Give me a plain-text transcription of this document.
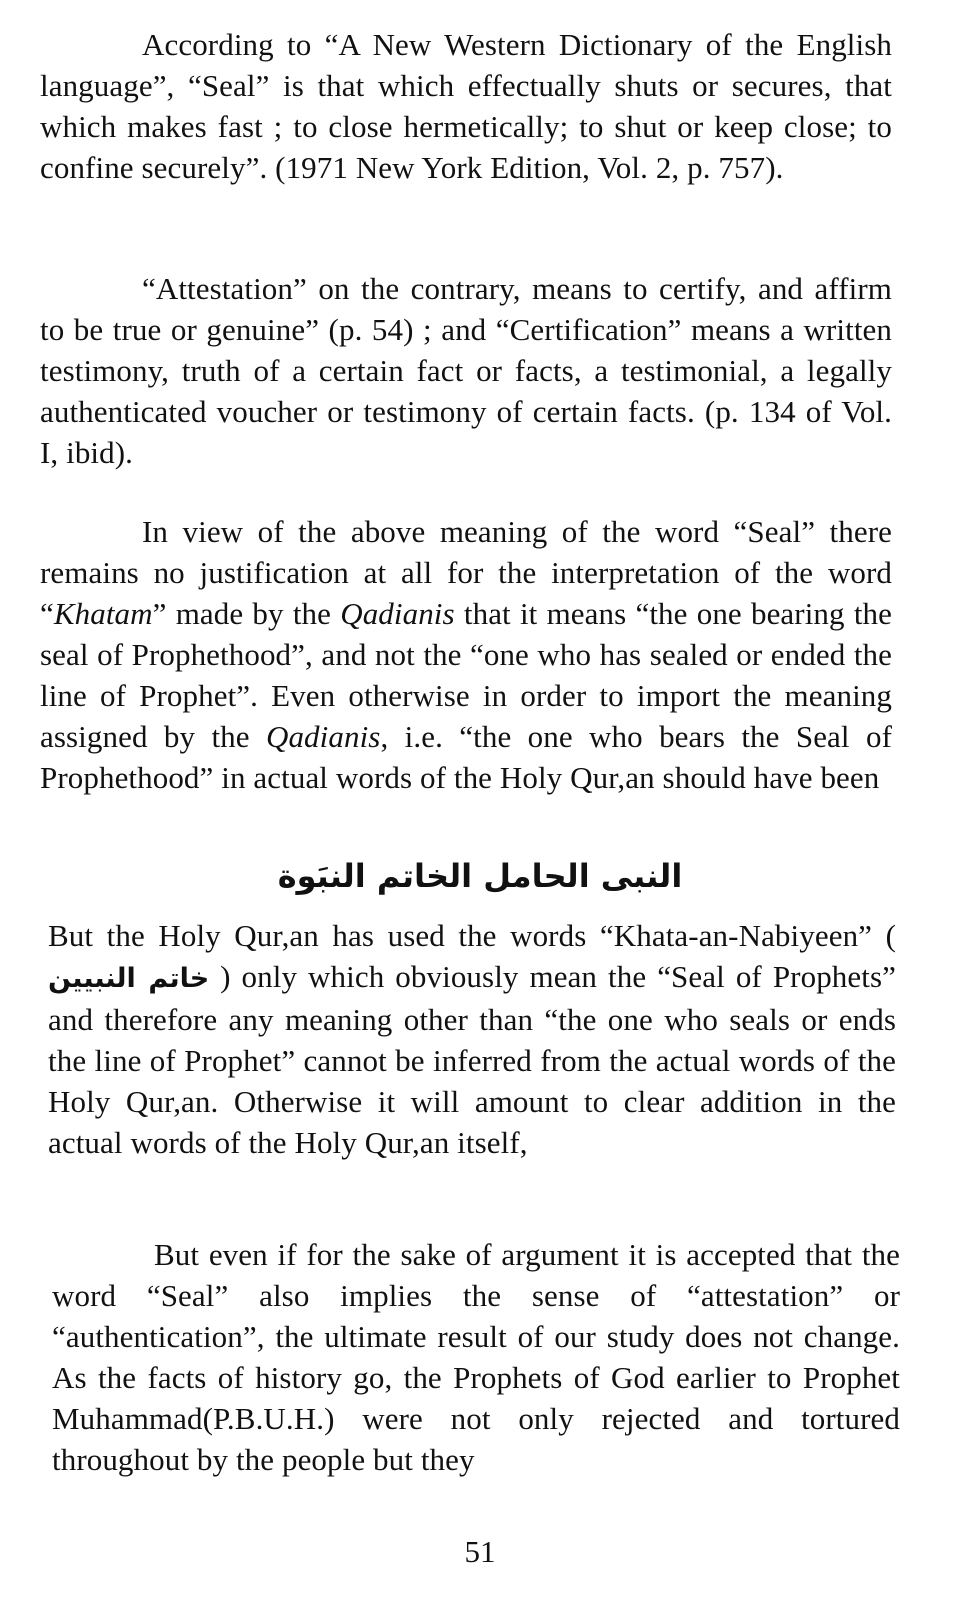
According to “A New Western Dictionary of the English language”, “Seal” is that which effectually shuts or secures, that which makes fast ; to close hermetically; to shut or keep close; to confine securely”. (1971 New York Edition, Vol. 2, p. 757).

“Attestation” on the contrary, means to certify, and affirm to be true or genuine” (p. 54) ; and “Certification” means a written testimony, truth of a certain fact or facts, a testimonial, a legally authenticated voucher or testimony of certain facts. (p. 134 of Vol. I, ibid).

In view of the above meaning of the word “Seal” there remains no justification at all for the interpretation of the word “Khatam” made by the Qadianis that it means “the one bearing the seal of Prophethood”, and not the “one who has sealed or ended the line of Prophet”. Even otherwise in order to import the meaning assigned by the Qadianis, i.e. “the one who bears the Seal of Prophethood” in actual words of the Holy Qur,an should have been

النبى الحامل الخاتم النبَوة

But the Holy Qur,an has used the words “Khata-an-Nabiyeen” ( خاتم النبيين ) only which obviously mean the “Seal of Prophets” and therefore any meaning other than “the one who seals or ends the line of Prophet” cannot be inferred from the actual words of the Holy Qur,an. Otherwise it will amount to clear addition in the actual words of the Holy Qur,an itself,

But even if for the sake of argument it is accepted that the word “Seal” also implies the sense of “attestation” or “authentication”, the ultimate result of our study does not change. As the facts of history go, the Prophets of God earlier to Prophet Muhammad(P.B.U.H.) were not only rejected and tortured throughout by the people but they

51
